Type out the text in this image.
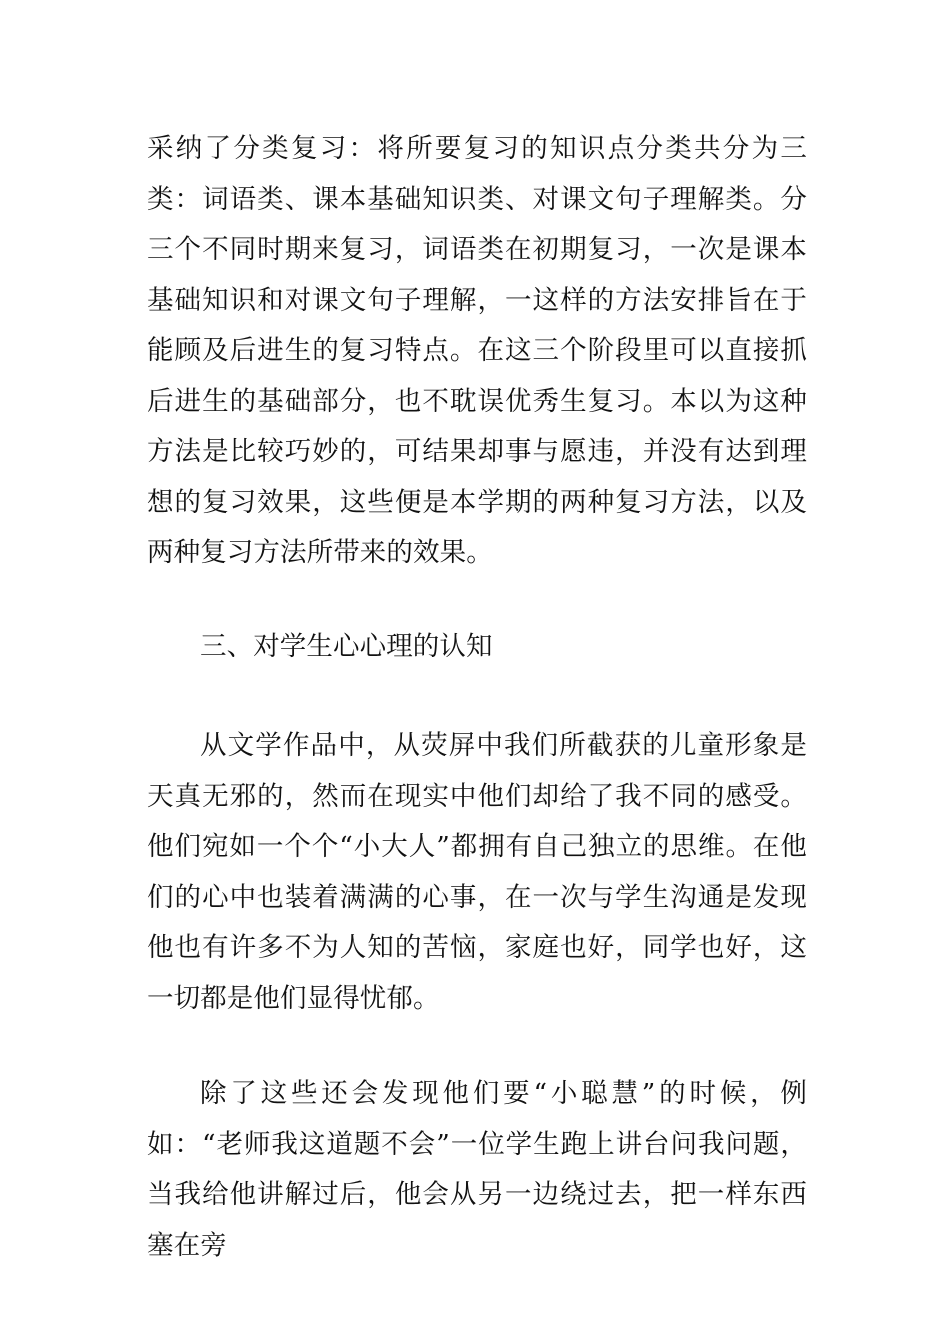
采纳了分类复习：将所要复习的知识点分类共分为三类：词语类、课本基础知识类、对课文句子理解类。分三个不同时期来复习，词语类在初期复习，一次是课本基础知识和对课文句子理解，一这样的方法安排旨在于能顾及后进生的复习特点。在这三个阶段里可以直接抓后进生的基础部分，也不耽误优秀生复习。本以为这种方法是比较巧妙的，可结果却事与愿违，并没有达到理想的复习效果，这些便是本学期的两种复习方法，以及两种复习方法所带来的效果。

三、对学生心心理的认知

从文学作品中，从荧屏中我们所截获的儿童形象是天真无邪的，然而在现实中他们却给了我不同的感受。他们宛如一个个“小大人”都拥有自己独立的思维。在他们的心中也装着满满的心事，在一次与学生沟通是发现他也有许多不为人知的苦恼，家庭也好，同学也好，这一切都是他们显得忧郁。

除了这些还会发现他们要“小聪慧”的时候，例如：“老师我这道题不会”一位学生跑上讲台问我问题，当我给他讲解过后，他会从另一边绕过去，把一样东西塞在旁
